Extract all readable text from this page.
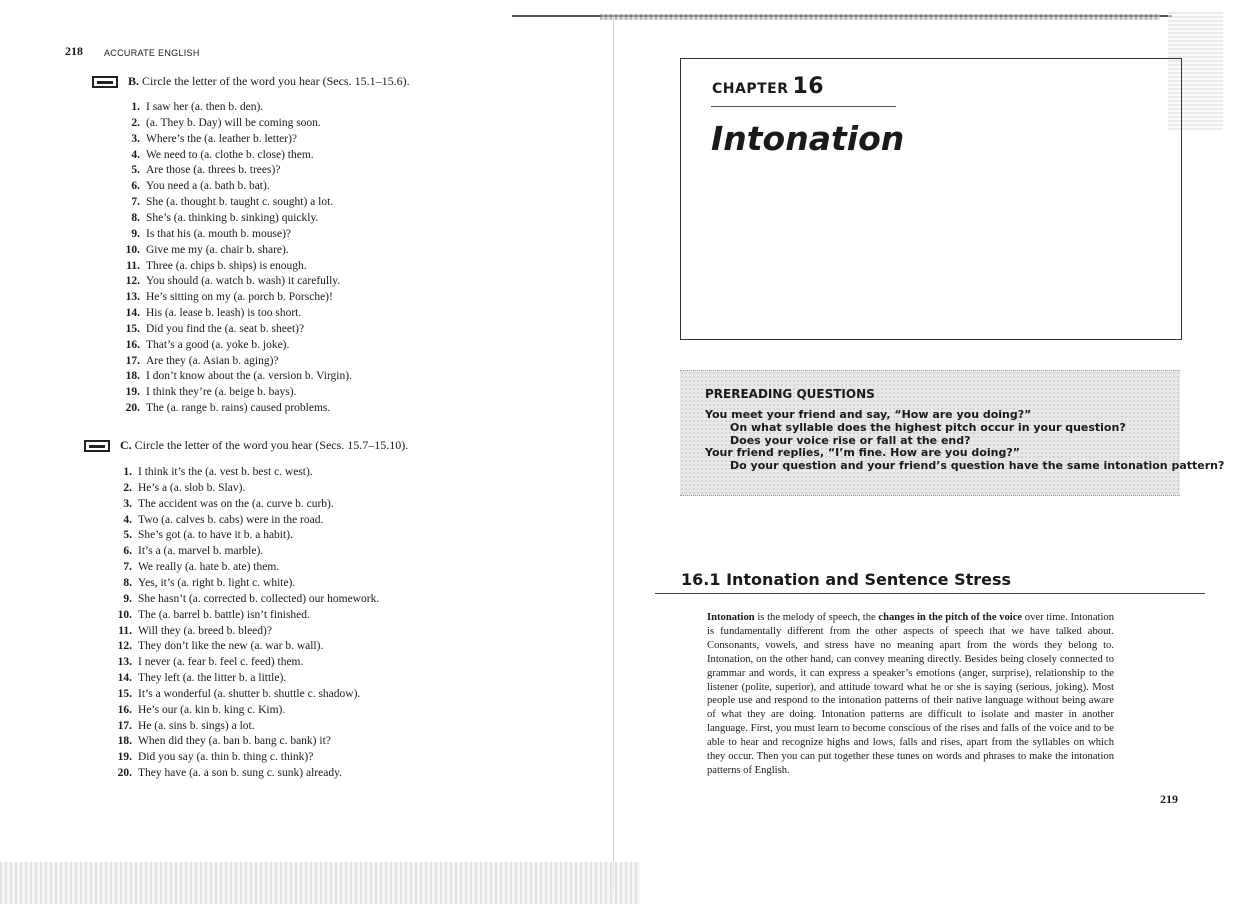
218 ACCURATE ENGLISH
B. Circle the letter of the word you hear (Secs. 15.1–15.6).
1. I saw her (a. then b. den).
2. (a. They b. Day) will be coming soon.
3. Where’s the (a. leather b. letter)?
4. We need to (a. clothe b. close) them.
5. Are those (a. threes b. trees)?
6. You need a (a. bath b. bat).
7. She (a. thought b. taught c. sought) a lot.
8. She’s (a. thinking b. sinking) quickly.
9. Is that his (a. mouth b. mouse)?
10. Give me my (a. chair b. share).
11. Three (a. chips b. ships) is enough.
12. You should (a. watch b. wash) it carefully.
13. He’s sitting on my (a. porch b. Porsche)!
14. His (a. lease b. leash) is too short.
15. Did you find the (a. seat b. sheet)?
16. That’s a good (a. yoke b. joke).
17. Are they (a. Asian b. aging)?
18. I don’t know about the (a. version b. Virgin).
19. I think they’re (a. beige b. bays).
20. The (a. range b. rains) caused problems.
C. Circle the letter of the word you hear (Secs. 15.7–15.10).
1. I think it’s the (a. vest b. best c. west).
2. He’s a (a. slob b. Slav).
3. The accident was on the (a. curve b. curb).
4. Two (a. calves b. cabs) were in the road.
5. She’s got (a. to have it b. a habit).
6. It’s a (a. marvel b. marble).
7. We really (a. hate b. ate) them.
8. Yes, it’s (a. right b. light c. white).
9. She hasn’t (a. corrected b. collected) our homework.
10. The (a. barrel b. battle) isn’t finished.
11. Will they (a. breed b. bleed)?
12. They don’t like the new (a. war b. wall).
13. I never (a. fear b. feel c. feed) them.
14. They left (a. the litter b. a little).
15. It’s a wonderful (a. shutter b. shuttle c. shadow).
16. He’s our (a. kin b. king c. Kim).
17. He (a. sins b. sings) a lot.
18. When did they (a. ban b. bang c. bank) it?
19. Did you say (a. thin b. thing c. think)?
20. They have (a. a son b. sung c. sunk) already.
CHAPTER 16
Intonation
PREREADING QUESTIONS
You meet your friend and say, “How are you doing?”
On what syllable does the highest pitch occur in your question?
Does your voice rise or fall at the end?
Your friend replies, “I’m fine. How are you doing?”
Do your question and your friend’s question have the same intonation pattern?
16.1 Intonation and Sentence Stress
Intonation is the melody of speech, the changes in the pitch of the voice over time. Intonation is fundamentally different from the other aspects of speech that we have talked about. Consonants, vowels, and stress have no meaning apart from the words they belong to. Intonation, on the other hand, can convey meaning directly. Besides being closely connected to grammar and words, it can express a speaker’s emotions (anger, surprise), relationship to the listener (polite, superior), and attitude toward what he or she is saying (serious, joking). Most people use and respond to the intonation patterns of their native language without being aware of what they are doing. Intonation patterns are difficult to isolate and master in another language. First, you must learn to become conscious of the rises and falls of the voice and to be able to hear and recognize highs and lows, falls and rises, apart from the syllables on which they occur. Then you can put together these tunes on words and phrases to make the intonation patterns of English.
219
